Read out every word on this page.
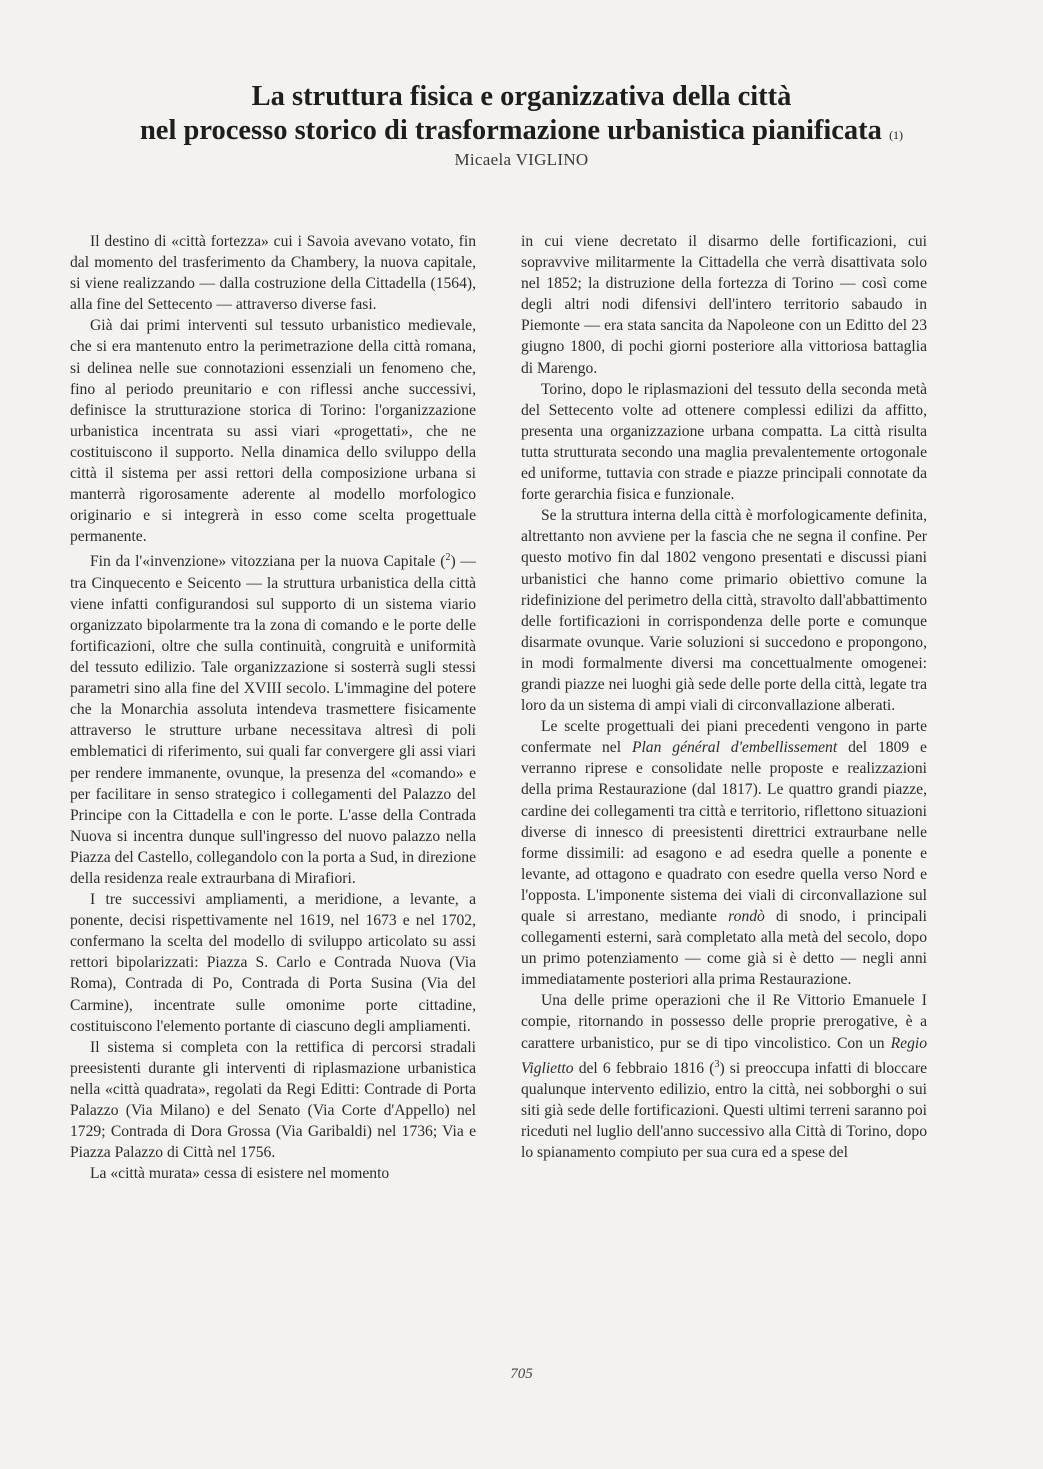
La struttura fisica e organizzativa della città
nel processo storico di trasformazione urbanistica pianificata $^{(1)}$
Micaela VIGLINO

Il destino di «città fortezza» cui i Savoia avevano votato, fin dal momento del trasferimento da Chambery, la nuova capitale, si viene realizzando — dalla costruzione della Cittadella (1564), alla fine del Settecento — attraverso diverse fasi.

Già dai primi interventi sul tessuto urbanistico medievale, che si era mantenuto entro la perimetrazione della città romana, si delinea nelle sue connotazioni essenziali un fenomeno che, fino al periodo preunitario e con riflessi anche successivi, definisce la strutturazione storica di Torino: l'organizzazione urbanistica incentrata su assi viari «progettati», che ne costituiscono il supporto. Nella dinamica dello sviluppo della città il sistema per assi rettori della composizione urbana si manterrà rigorosamente aderente al modello morfologico originario e si integrerà in esso come scelta progettuale permanente.

Fin da l'«invenzione» vitozziana per la nuova Capitale ($^2$) — tra Cinquecento e Seicento — la struttura urbanistica della città viene infatti configurandosi sul supporto di un sistema viario organizzato bipolarmente tra la zona di comando e le porte delle fortificazioni, oltre che sulla continuità, congruità e uniformità del tessuto edilizio. Tale organizzazione si sosterrà sugli stessi parametri sino alla fine del XVIII secolo. L'immagine del potere che la Monarchia assoluta intendeva trasmettere fisicamente attraverso le strutture urbane necessitava altresì di poli emblematici di riferimento, sui quali far convergere gli assi viari per rendere immanente, ovunque, la presenza del «comando» e per facilitare in senso strategico i collegamenti del Palazzo del Principe con la Cittadella e con le porte. L'asse della Contrada Nuova si incentra dunque sull'ingresso del nuovo palazzo nella Piazza del Castello, collegandolo con la porta a Sud, in direzione della residenza reale extraurbana di Mirafiori.

I tre successivi ampliamenti, a meridione, a levante, a ponente, decisi rispettivamente nel 1619, nel 1673 e nel 1702, confermano la scelta del modello di sviluppo articolato su assi rettori bipolarizzati: Piazza S. Carlo e Contrada Nuova (Via Roma), Contrada di Po, Contrada di Porta Susina (Via del Carmine), incentrate sulle omonime porte cittadine, costituiscono l'elemento portante di ciascuno degli ampliamenti.

Il sistema si completa con la rettifica di percorsi stradali preesistenti durante gli interventi di riplasmazione urbanistica nella «città quadrata», regolati da Regi Editti: Contrade di Porta Palazzo (Via Milano) e del Senato (Via Corte d'Appello) nel 1729; Contrada di Dora Grossa (Via Garibaldi) nel 1736; Via e Piazza Palazzo di Città nel 1756.

La «città murata» cessa di esistere nel momento

in cui viene decretato il disarmo delle fortificazioni, cui sopravvive militarmente la Cittadella che verrà disattivata solo nel 1852; la distruzione della fortezza di Torino — così come degli altri nodi difensivi dell'intero territorio sabaudo in Piemonte — era stata sancita da Napoleone con un Editto del 23 giugno 1800, di pochi giorni posteriore alla vittoriosa battaglia di Marengo.

Torino, dopo le riplasmazioni del tessuto della seconda metà del Settecento volte ad ottenere complessi edilizi da affitto, presenta una organizzazione urbana compatta. La città risulta tutta strutturata secondo una maglia prevalentemente ortogonale ed uniforme, tuttavia con strade e piazze principali connotate da forte gerarchia fisica e funzionale.

Se la struttura interna della città è morfologicamente definita, altrettanto non avviene per la fascia che ne segna il confine. Per questo motivo fin dal 1802 vengono presentati e discussi piani urbanistici che hanno come primario obiettivo comune la ridefinizione del perimetro della città, stravolto dall'abbattimento delle fortificazioni in corrispondenza delle porte e comunque disarmate ovunque. Varie soluzioni si succedono e propongono, in modi formalmente diversi ma concettualmente omogenei: grandi piazze nei luoghi già sede delle porte della città, legate tra loro da un sistema di ampi viali di circonvallazione alberati.

Le scelte progettuali dei piani precedenti vengono in parte confermate nel Plan général d'embellissement del 1809 e verranno riprese e consolidate nelle proposte e realizzazioni della prima Restaurazione (dal 1817). Le quattro grandi piazze, cardine dei collegamenti tra città e territorio, riflettono situazioni diverse di innesco di preesistenti direttrici extraurbane nelle forme dissimili: ad esagono e ad esedra quelle a ponente e levante, ad ottagono e quadrato con esedre quella verso Nord e l'opposta. L'imponente sistema dei viali di circonvallazione sul quale si arrestano, mediante rondò di snodo, i principali collegamenti esterni, sarà completato alla metà del secolo, dopo un primo potenziamento — come già si è detto — negli anni immediatamente posteriori alla prima Restaurazione.

Una delle prime operazioni che il Re Vittorio Emanuele I compie, ritornando in possesso delle proprie prerogative, è a carattere urbanistico, pur se di tipo vincolistico. Con un Regio Viglietto del 6 febbraio 1816 ($^3$) si preoccupa infatti di bloccare qualunque intervento edilizio, entro la città, nei sobborghi o sui siti già sede delle fortificazioni. Questi ultimi terreni saranno poi riceduti nel luglio dell'anno successivo alla Città di Torino, dopo lo spianamento compiuto per sua cura ed a spese del

705
